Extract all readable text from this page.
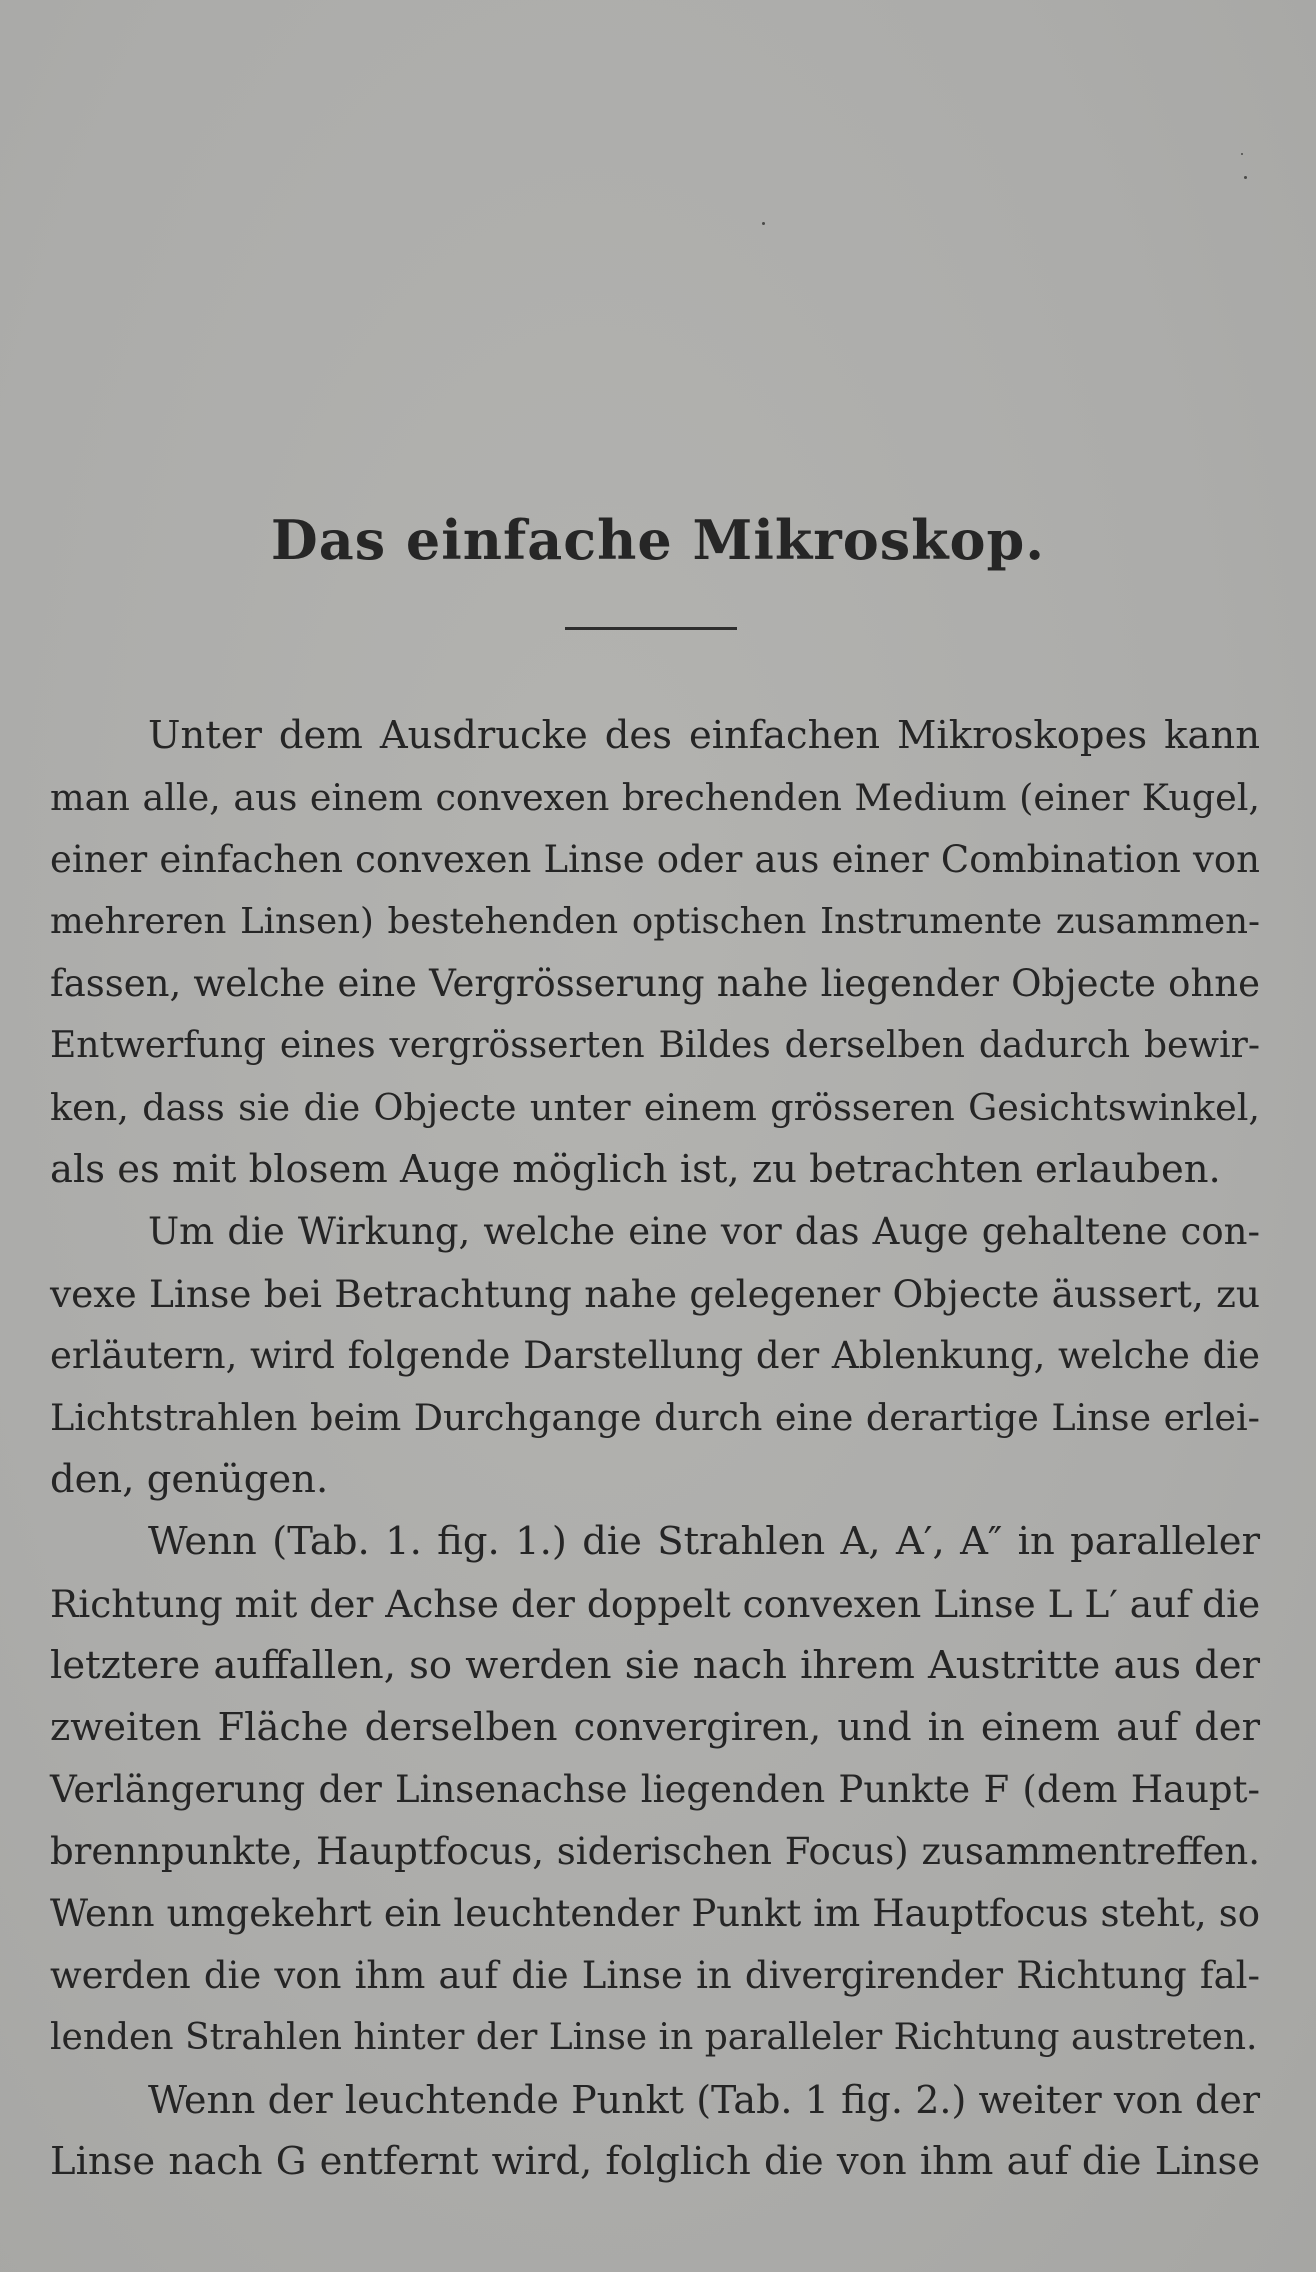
Das einfache Mikroskop.
Unter dem Ausdrucke des einfachen Mikroskopes kann
man alle, aus einem convexen brechenden Medium (einer Kugel,
einer einfachen convexen Linse oder aus einer Combination von
mehreren Linsen) bestehenden optischen Instrumente zusammen-
fassen, welche eine Vergrösserung nahe liegender Objecte ohne
Entwerfung eines vergrösserten Bildes derselben dadurch bewir-
ken, dass sie die Objecte unter einem grösseren Gesichtswinkel,
als es mit blosem Auge möglich ist, zu betrachten erlauben.
Um die Wirkung, welche eine vor das Auge gehaltene con-
vexe Linse bei Betrachtung nahe gelegener Objecte äussert, zu
erläutern, wird folgende Darstellung der Ablenkung, welche die
Lichtstrahlen beim Durchgange durch eine derartige Linse erlei-
den, genügen.
Wenn (Tab. 1. fig. 1.) die Strahlen A, A′, A″ in paralleler
Richtung mit der Achse der doppelt convexen Linse L L′ auf die
letztere auffallen, so werden sie nach ihrem Austritte aus der
zweiten Fläche derselben convergiren, und in einem auf der
Verlängerung der Linsenachse liegenden Punkte F (dem Haupt-
brennpunkte, Hauptfocus, siderischen Focus) zusammentreffen.
Wenn umgekehrt ein leuchtender Punkt im Hauptfocus steht, so
werden die von ihm auf die Linse in divergirender Richtung fal-
lenden Strahlen hinter der Linse in paralleler Richtung austreten.
Wenn der leuchtende Punkt (Tab. 1 fig. 2.) weiter von der
Linse nach G entfernt wird, folglich die von ihm auf die Linse
